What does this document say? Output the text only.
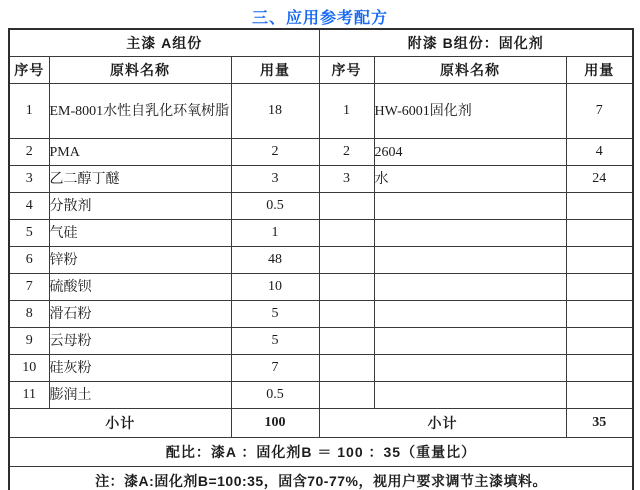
三、应用参考配方
主漆 A组份			附漆 B组份：固化剂		
序号	原料名称	用量	序号	原料名称	用量
1	EM-8001水性自乳化环氧树脂	18	1	HW-6001固化剂	7
2	PMA	2	2	2604	4
3	乙二醇丁醚	3	3	水	24
4	分散剂	0.5			
5	气硅	1			
6	锌粉	48			
7	硫酸钡	10			
8	滑石粉	5			
9	云母粉	5			
10	硅灰粉	7			
11	膨润土	0.5			
小计		100	小计		35
配比：漆A ：固化剂B ＝ 100 ：35（重量比）					
注：漆A:固化剂B=100:35，固含70-77%，视用户要求调节主漆填料。					
